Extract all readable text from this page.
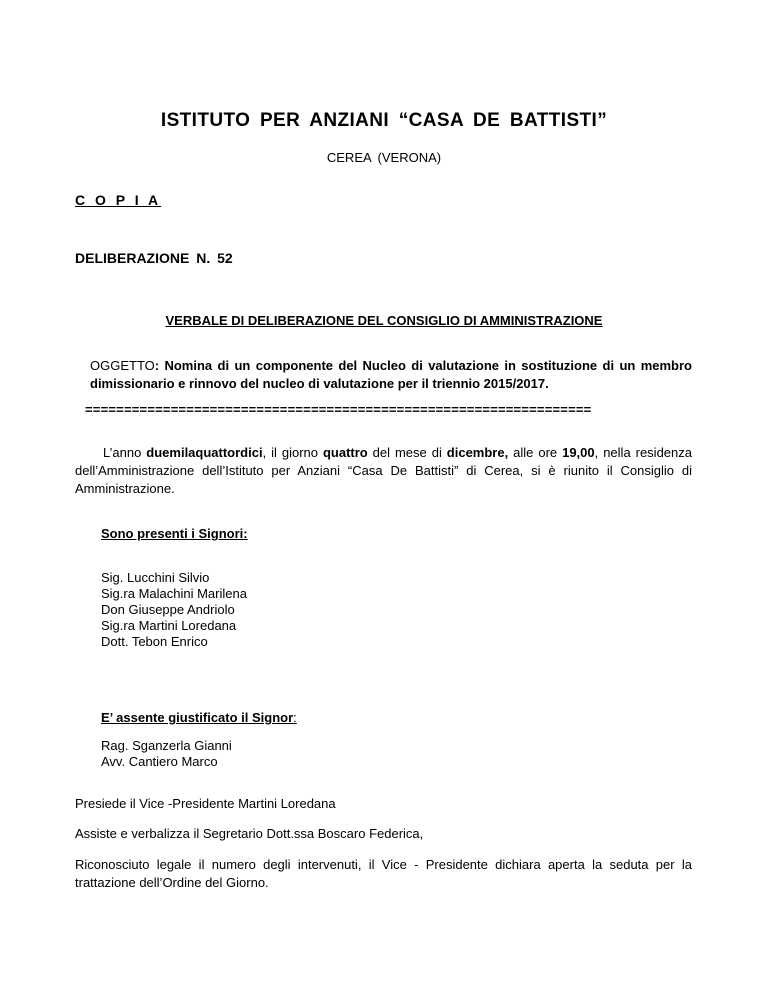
ISTITUTO PER ANZIANI “CASA DE BATTISTI”
CEREA (VERONA)
C O P I A
DELIBERAZIONE N. 52
VERBALE DI DELIBERAZIONE DEL CONSIGLIO DI AMMINISTRAZIONE
OGGETTO: Nomina di un componente del Nucleo di valutazione in sostituzione di un membro dimissionario e rinnovo del nucleo di valutazione per il triennio 2015/2017.
=================================================================
L’anno duemilaquattordici, il giorno quattro del mese di dicembre, alle ore 19,00, nella residenza dell’Amministrazione dell’Istituto per Anziani “Casa De Battisti” di Cerea, si è riunito il Consiglio di Amministrazione.
Sono presenti i Signori:
Sig. Lucchini Silvio
Sig.ra Malachini Marilena
Don Giuseppe Andriolo
Sig.ra Martini Loredana
Dott. Tebon Enrico
E’ assente giustificato il Signor:
Rag. Sganzerla Gianni
Avv. Cantiero Marco
Presiede il Vice -Presidente Martini Loredana
Assiste e verbalizza il Segretario Dott.ssa Boscaro Federica,
Riconosciuto legale il numero degli intervenuti, il Vice - Presidente dichiara aperta la seduta per la trattazione dell’Ordine del Giorno.
